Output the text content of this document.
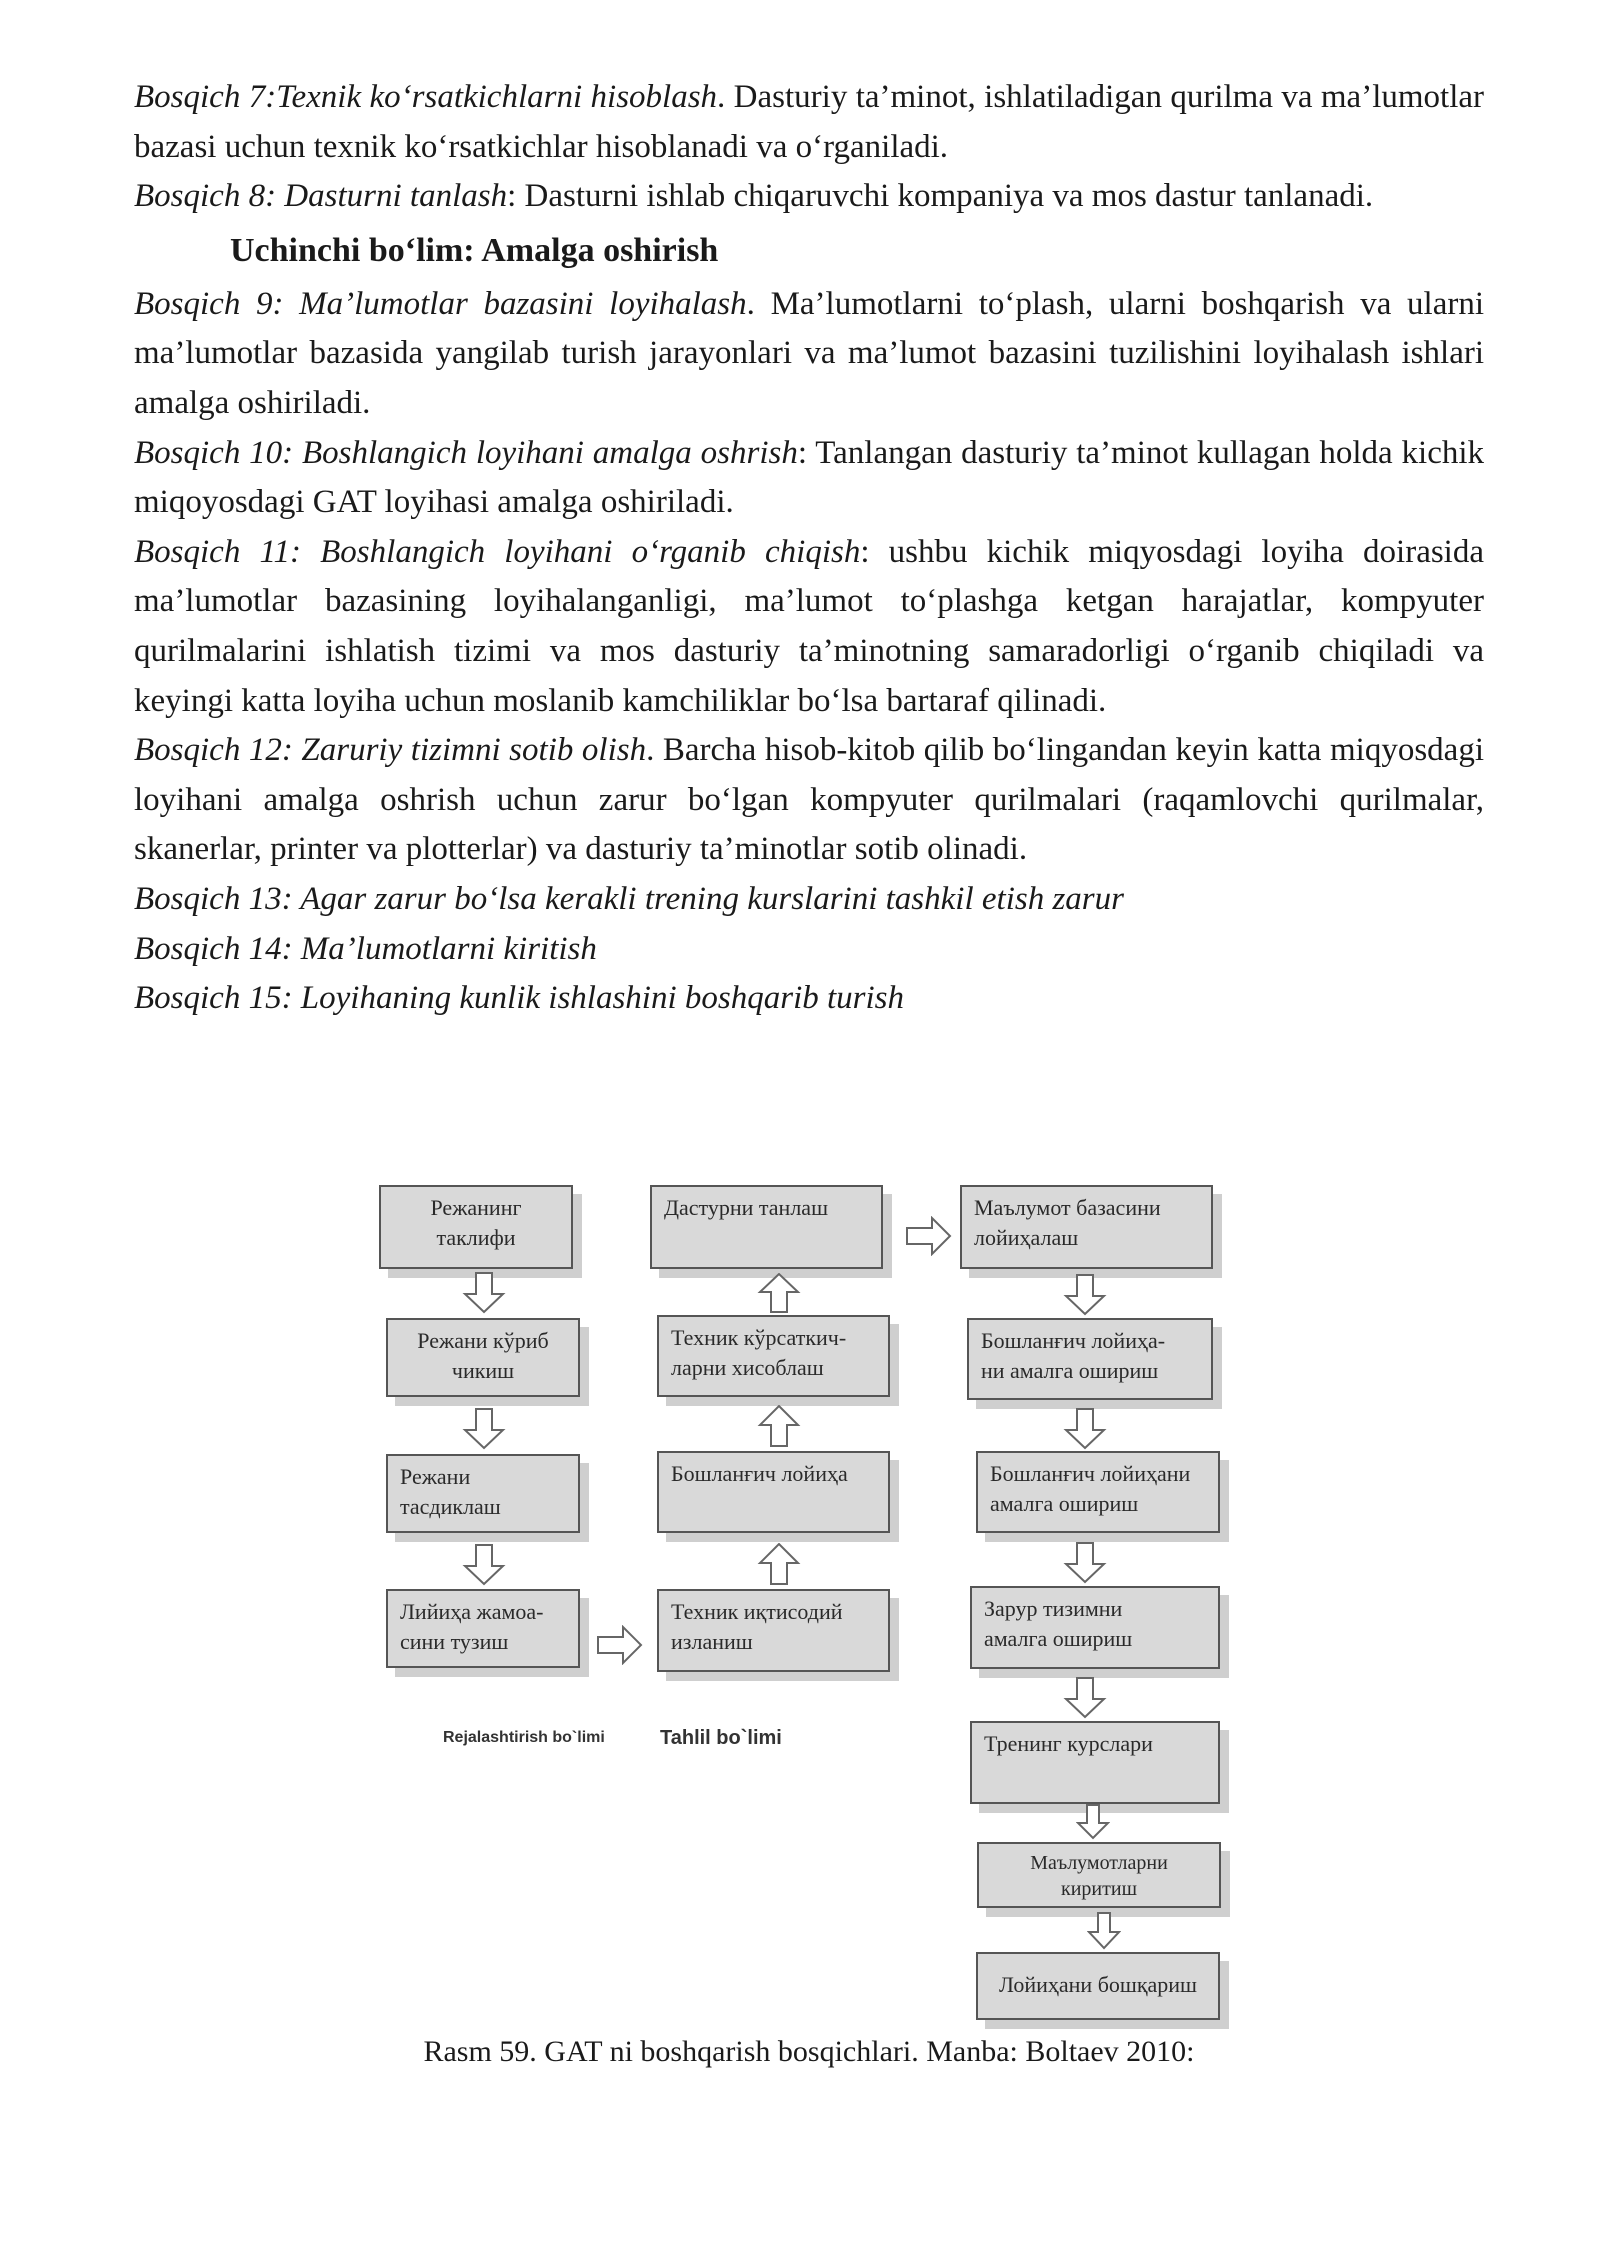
Bosqich 7:Texnik ko‘rsatkichlarni hisoblash. Dasturiy ta’minot, ishlatiladigan qurilma va ma’lumotlar bazasi uchun texnik ko‘rsatkichlar hisoblanadi va o‘rganiladi.

Bosqich 8: Dasturni tanlash: Dasturni ishlab chiqaruvchi kompaniya va mos dastur tanlanadi.

Uchinchi bo‘lim: Amalga oshirish

Bosqich 9: Ma’lumotlar bazasini loyihalash. Ma’lumotlarni to‘plash, ularni boshqarish va ularni ma’lumotlar bazasida yangilab turish jarayonlari va ma’lumot bazasini tuzilishini loyihalash ishlari amalga oshiriladi.

Bosqich 10: Boshlangich loyihani amalga oshrish: Tanlangan dasturiy ta’minot kullagan holda kichik miqoyosdagi GAT loyihasi amalga oshiriladi.

Bosqich 11: Boshlangich loyihani o‘rganib chiqish: ushbu kichik miqyosdagi loyiha doirasida ma’lumotlar bazasining loyihalanganligi, ma’lumot to‘plashga ketgan harajatlar, kompyuter qurilmalarini ishlatish tizimi va mos dasturiy ta’minotning samaradorligi o‘rganib chiqiladi va keyingi katta loyiha uchun moslanib kamchiliklar bo‘lsa bartaraf qilinadi.

Bosqich 12: Zaruriy tizimni sotib olish. Barcha hisob-kitob qilib bo‘lingandan keyin katta miqyosdagi loyihani amalga oshrish uchun zarur bo‘lgan kompyuter qurilmalari (raqamlovchi qurilmalar, skanerlar, printer va plotterlar) va dasturiy ta’minotlar sotib olinadi.

Bosqich 13: Agar zarur bo‘lsa kerakli trening kurslarini tashkil etish zarur

Bosqich 14: Ma’lumotlarni kiritish

Bosqich 15: Loyihaning kunlik ishlashini boshqarib turish

Режанинг
таклифи
Режани кўриб
чикиш
Режани
тасдиклаш
Лийиҳа жамоа-
сини тузиш
Дастурни танлаш
Техник кўрсаткич-
ларни хисоблаш
Бошланғич лойиҳа
Техник иқтисодий
изланиш
Маълумот базасини
лойиҳалаш
Бошланғич лойиҳа-
ни амалга ошириш
Бошланғич лойиҳани
амалга ошириш
Зарур тизимни
амалга ошириш
Тренинг курслари
Маълумотларни
киритиш
Лойиҳани бошқариш
Rejalashtirish bo`limi	Tahlil bo`limi
Rasm 59. GAT ni boshqarish bosqichlari. Manba: Boltaev 2010:
